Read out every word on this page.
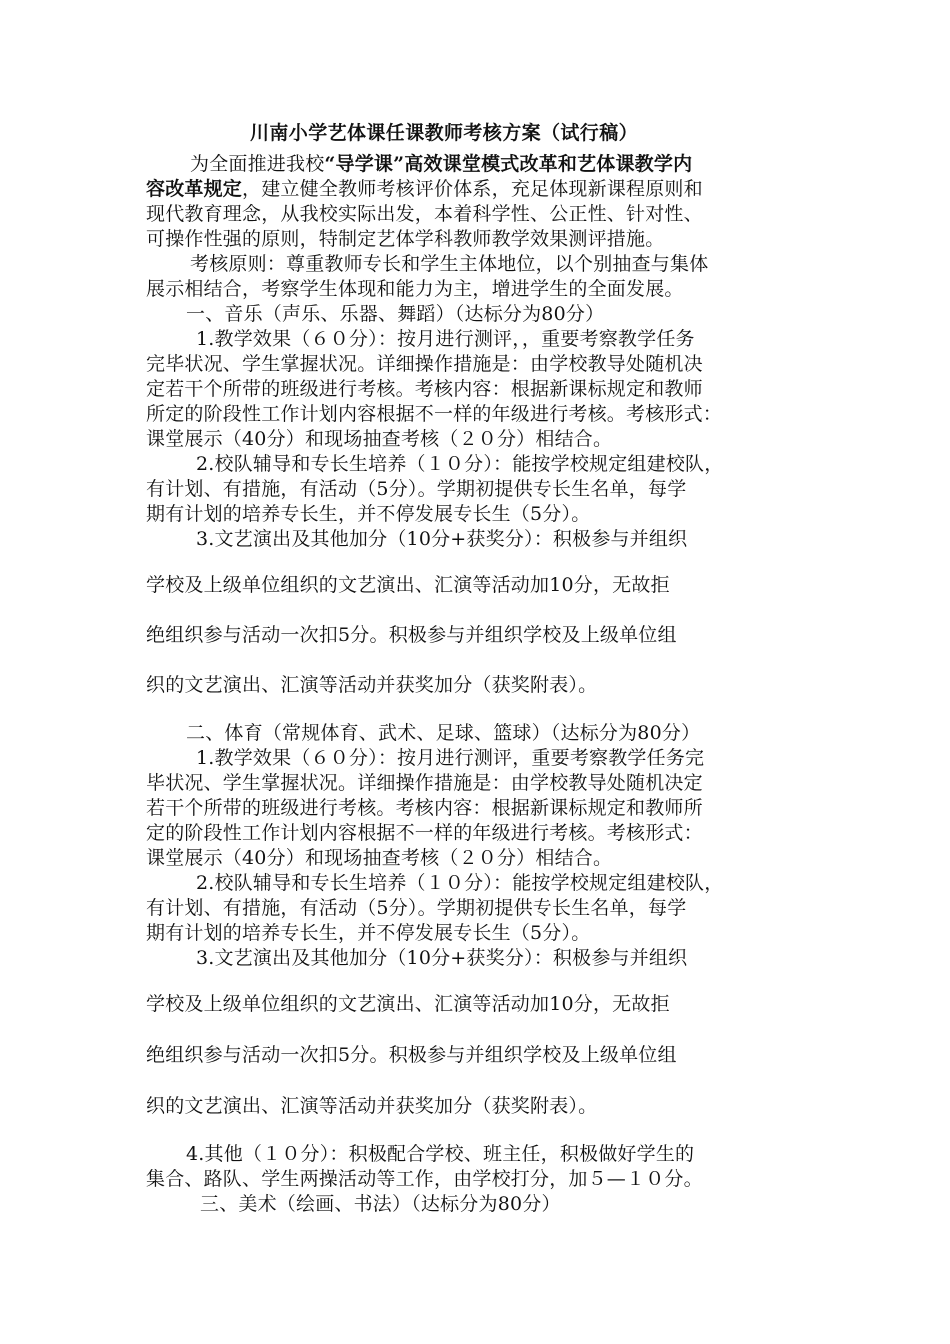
川南小学艺体课任课教师考核方案（试行稿）
为全面推进我校“导学课”高效课堂模式改革和艺体课教学内
容改革规定，建立健全教师考核评价体系，充足体现新课程原则和
现代教育理念，从我校实际出发，本着科学性、公正性、针对性、
可操作性强的原则，特制定艺体学科教师教学效果测评措施。
考核原则：尊重教师专长和学生主体地位，以个别抽查与集体
展示相结合，考察学生体现和能力为主，增进学生的全面发展。
一、音乐（声乐、乐器、舞蹈）（达标分为80分）
1.教学效果（６０分）：按月进行测评，，重要考察教学任务
完毕状况、学生掌握状况。详细操作措施是：由学校教导处随机决
定若干个所带的班级进行考核。考核内容：根据新课标规定和教师
所定的阶段性工作计划内容根据不一样的年级进行考核。考核形式：
课堂展示（40分）和现场抽查考核（２０分）相结合。
2.校队辅导和专长生培养（１０分）：能按学校规定组建校队，
有计划、有措施，有活动（5分）。学期初提供专长生名单，每学
期有计划的培养专长生，并不停发展专长生（5分）。
3.文艺演出及其他加分（10分+获奖分）：积极参与并组织
学校及上级单位组织的文艺演出、汇演等活动加10分，无故拒
绝组织参与活动一次扣5分。积极参与并组织学校及上级单位组
织的文艺演出、汇演等活动并获奖加分（获奖附表）。
二、体育（常规体育、武术、足球、篮球）（达标分为80分）
1.教学效果（６０分）：按月进行测评，重要考察教学任务完
毕状况、学生掌握状况。详细操作措施是：由学校教导处随机决定
若干个所带的班级进行考核。考核内容：根据新课标规定和教师所
定的阶段性工作计划内容根据不一样的年级进行考核。考核形式：
课堂展示（40分）和现场抽查考核（２０分）相结合。
2.校队辅导和专长生培养（１０分）：能按学校规定组建校队，
有计划、有措施，有活动（5分）。学期初提供专长生名单，每学
期有计划的培养专长生，并不停发展专长生（5分）。
3.文艺演出及其他加分（10分+获奖分）：积极参与并组织
学校及上级单位组织的文艺演出、汇演等活动加10分，无故拒
绝组织参与活动一次扣5分。积极参与并组织学校及上级单位组
织的文艺演出、汇演等活动并获奖加分（获奖附表）。
4.其他（１０分）：积极配合学校、班主任，积极做好学生的
集合、路队、学生两操活动等工作，由学校打分，加５—１０分。
三、美术（绘画、书法）（达标分为80分）
